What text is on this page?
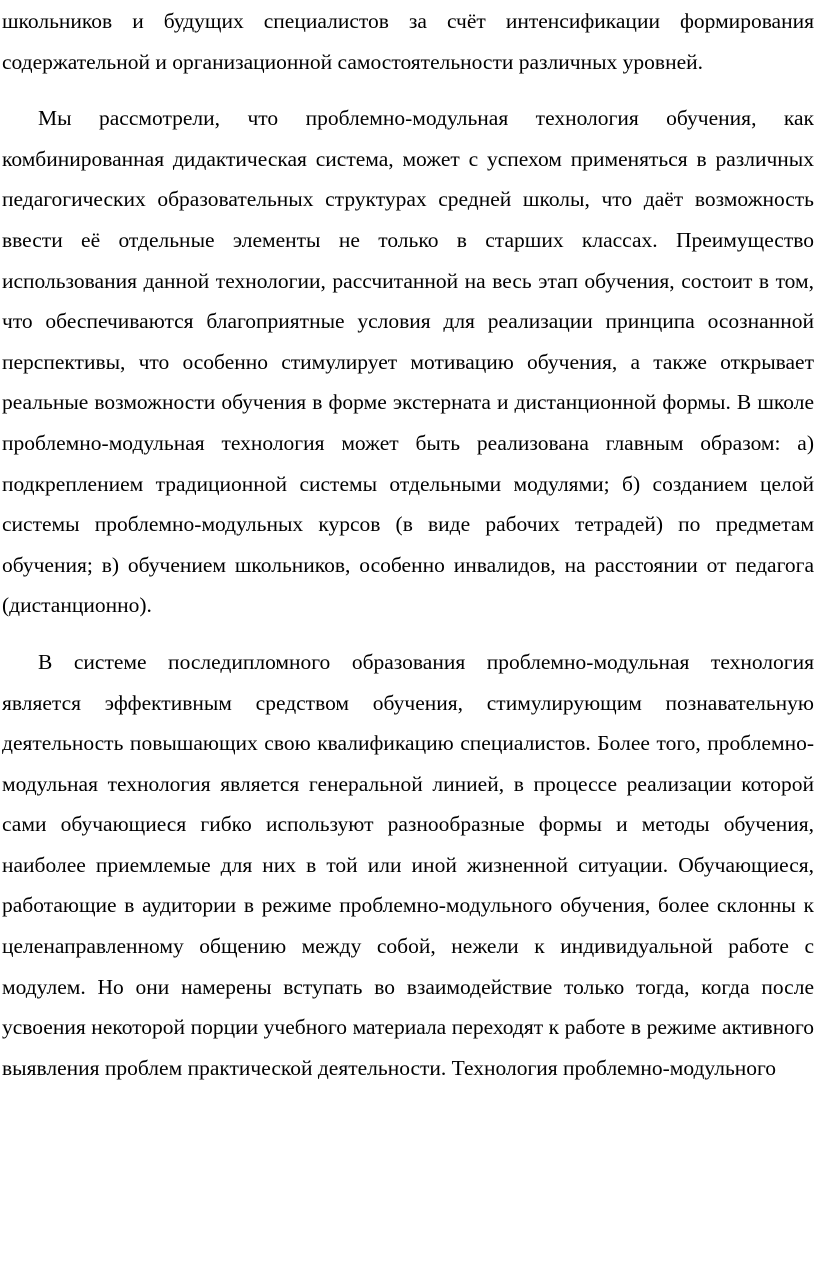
школьников и будущих специалистов за счёт интенсификации формирования содержательной и организационной самостоятельности различных уровней.

Мы рассмотрели, что проблемно-модульная технология обучения, как комбинированная дидактическая система, может с успехом применяться в различных педагогических образовательных структурах средней школы, что даёт возможность ввести её отдельные элементы не только в старших классах. Преимущество использования данной технологии, рассчитанной на весь этап обучения, состоит в том, что обеспечиваются благоприятные условия для реализации принципа осознанной перспективы, что особенно стимулирует мотивацию обучения, а также открывает реальные возможности обучения в форме экстерната и дистанционной формы. В школе проблемно-модульная технология может быть реализована главным образом: а) подкреплением традиционной системы отдельными модулями; б) созданием целой системы проблемно-модульных курсов (в виде рабочих тетрадей) по предметам обучения; в) обучением школьников, особенно инвалидов, на расстоянии от педагога (дистанционно).

В системе последипломного образования проблемно-модульная технология является эффективным средством обучения, стимулирующим познавательную деятельность повышающих свою квалификацию специалистов. Более того, проблемно-модульная технология является генеральной линией, в процессе реализации которой сами обучающиеся гибко используют разнообразные формы и методы обучения, наиболее приемлемые для них в той или иной жизненной ситуации. Обучающиеся, работающие в аудитории в режиме проблемно-модульного обучения, более склонны к целенаправленному общению между собой, нежели к индивидуальной работе с модулем. Но они намерены вступать во взаимодействие только тогда, когда после усвоения некоторой порции учебного материала переходят к работе в режиме активного выявления проблем практической деятельности. Технология проблемно-модульного
